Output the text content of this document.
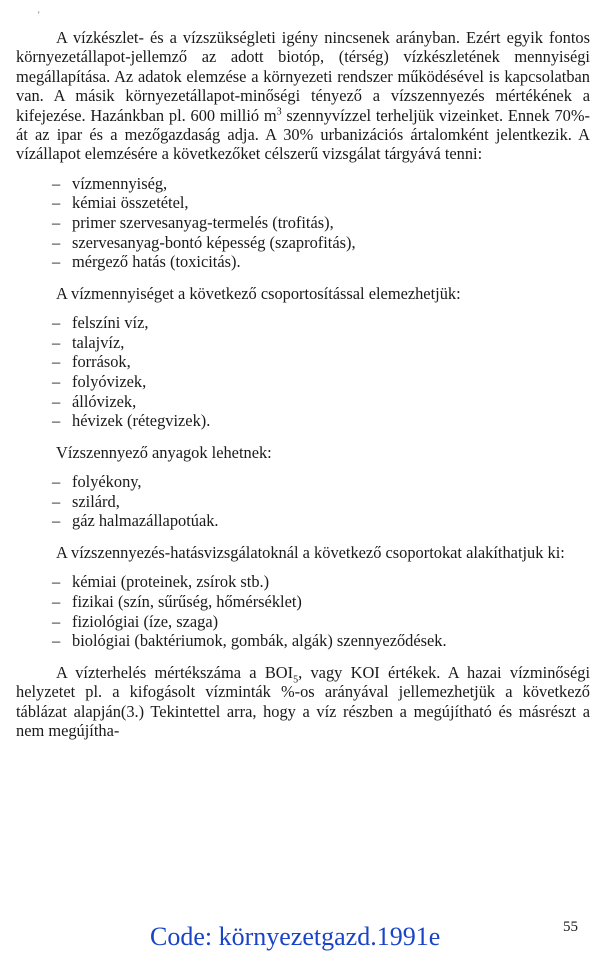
'

A vízkészlet- és a vízszükségleti igény nincsenek arányban. Ezért egyik fontos környezetállapot-jellemző az adott biotóp, (térség) vízkészletének mennyiségi megállapítása. Az adatok elemzése a környezeti rendszer működésével is kapcsolatban van. A másik környezetállapot-minőségi tényező a vízszennyezés mértékének a kifejezése. Hazánkban pl. 600 millió $m^3$ szennyvízzel terheljük vizeinket. Ennek 70%-át az ipar és a mezőgazdaság adja. A 30% urbanizációs ártalomként jelentkezik. A vízállapot elemzésére a következőket célszerű vizsgálat tárgyává tenni:

– vízmennyiség,
– kémiai összetétel,
– primer szervesanyag-termelés (trofitás),
– szervesanyag-bontó képesség (szaprofitás),
– mérgező hatás (toxicitás).

A vízmennyiséget a következő csoportosítással elemezhetjük:

– felszíni víz,
– talajvíz,
– források,
– folyóvizek,
– állóvizek,
– hévizek (rétegvizek).

Vízszennyező anyagok lehetnek:

– folyékony,
– szilárd,
– gáz halmazállapotúak.

A vízszennyezés-hatásvizsgálatoknál a következő csoportokat alakíthatjuk ki:

– kémiai (proteinek, zsírok stb.)
– fizikai (szín, sűrűség, hőmérséklet)
– fiziológiai (íze, szaga)
– biológiai (baktériumok, gombák, algák) szennyeződések.

A vízterhelés mértékszáma a $BOI_5$, vagy KOI értékek. A hazai vízminőségi helyzetet pl. a kifogásolt vízminták %-os arányával jellemezhetjük a következő táblázat alapján(3.) Tekintettel arra, hogy a víz részben a megújítható és másrészt a nem megújítha-

Code: környezetgazd.1991e	55
